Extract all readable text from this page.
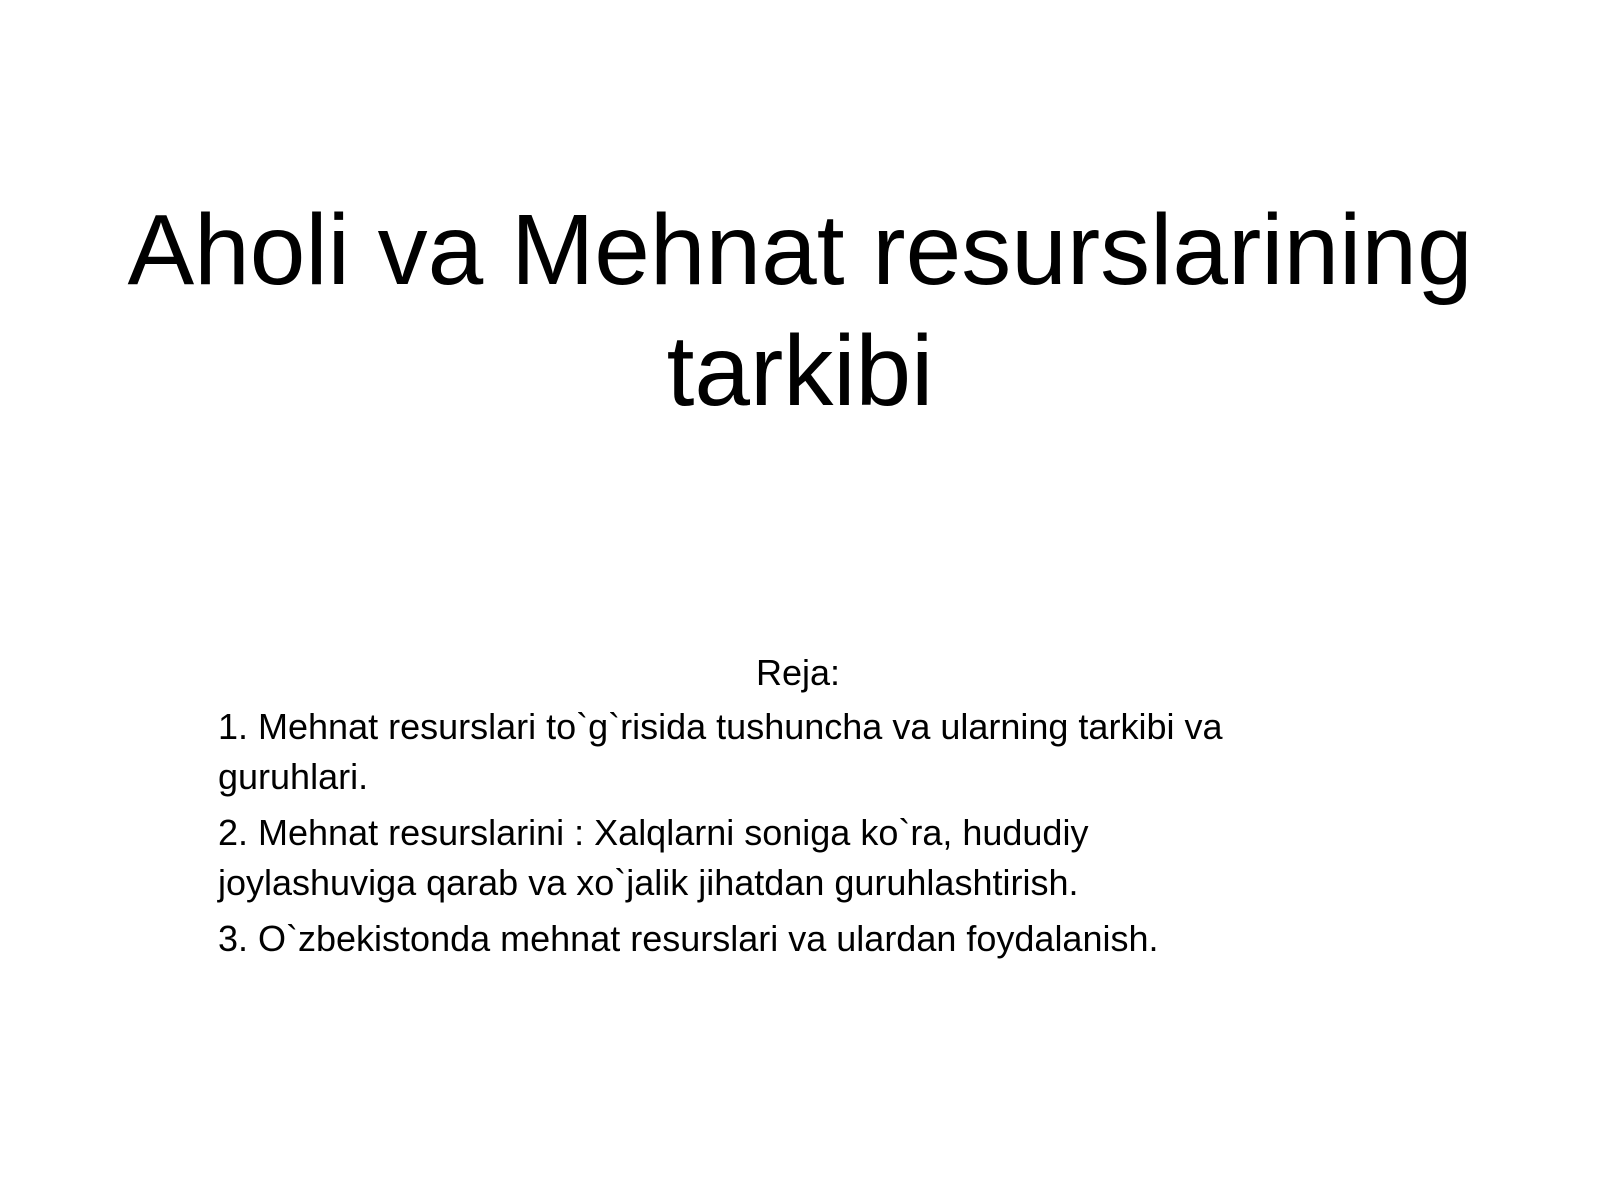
Aholi va Mehnat resurslarining
tarkibi
Reja:
1. Mehnat resurslari to`g`risida tushuncha va ularning tarkibi va
guruhlari.
2. Mehnat resurslarini : Xalqlarni soniga ko`ra, hududiy
joylashuviga qarab va xo`jalik jihatdan guruhlashtirish.
3. O`zbekistonda mehnat resurslari va ulardan foydalanish.
